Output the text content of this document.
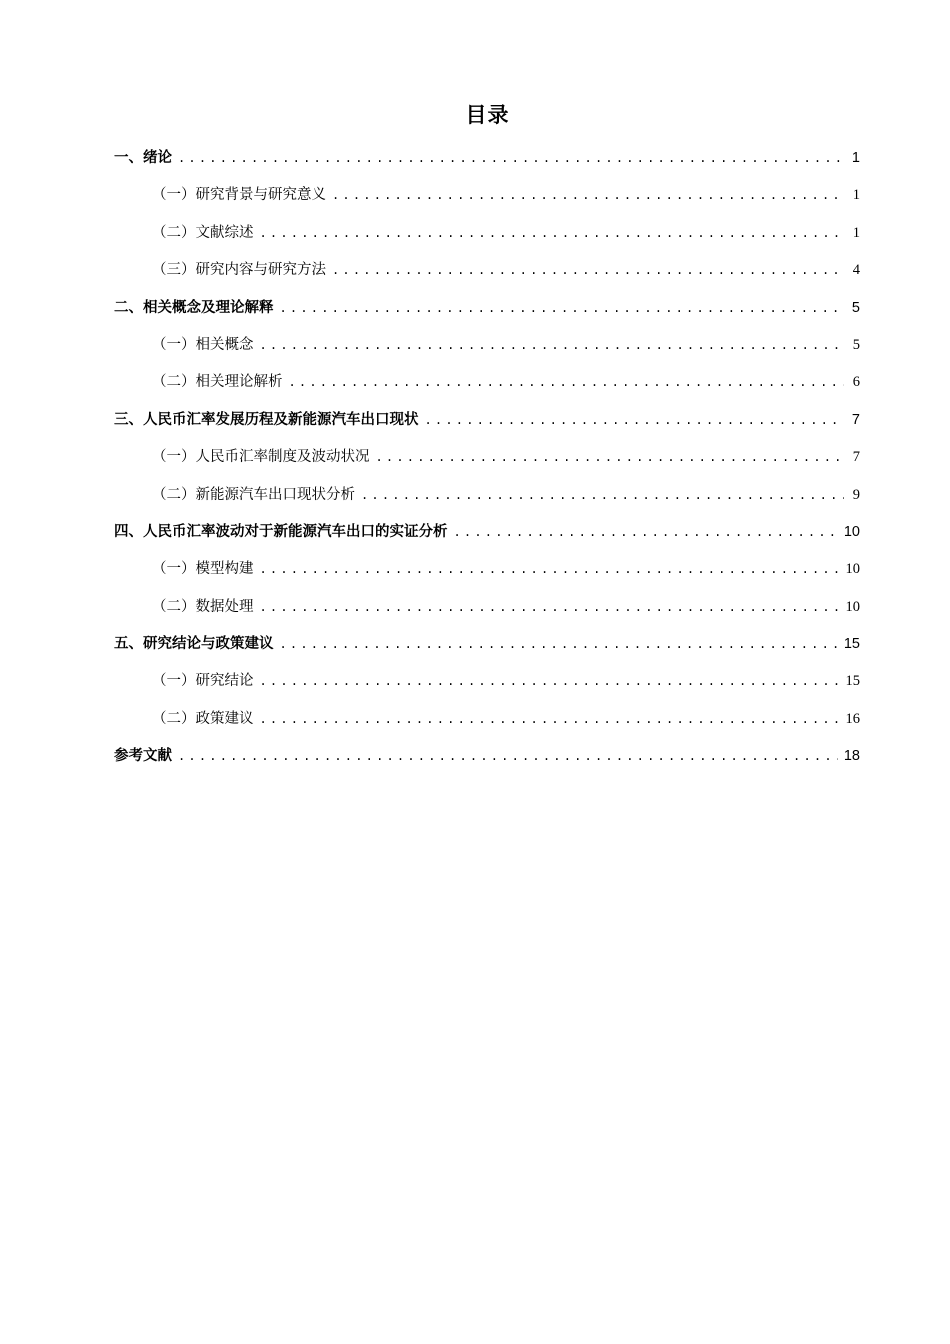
目录
一、绪论 .....	1
（一）研究背景与研究意义 .....	1
（二）文献综述 .....	1
（三）研究内容与研究方法 .....	4
二、相关概念及理论解释 .....	5
（一）相关概念 .....	5
（二）相关理论解析 .....	6
三、人民币汇率发展历程及新能源汽车出口现状 .....	7
（一）人民币汇率制度及波动状况 .....	7
（二）新能源汽车出口现状分析 .....	9
四、人民币汇率波动对于新能源汽车出口的实证分析 .....	10
（一）模型构建 .....	10
（二）数据处理 .....	10
五、研究结论与政策建议 .....	15
（一）研究结论 .....	15
（二）政策建议 .....	16
参考文献 .....	18
